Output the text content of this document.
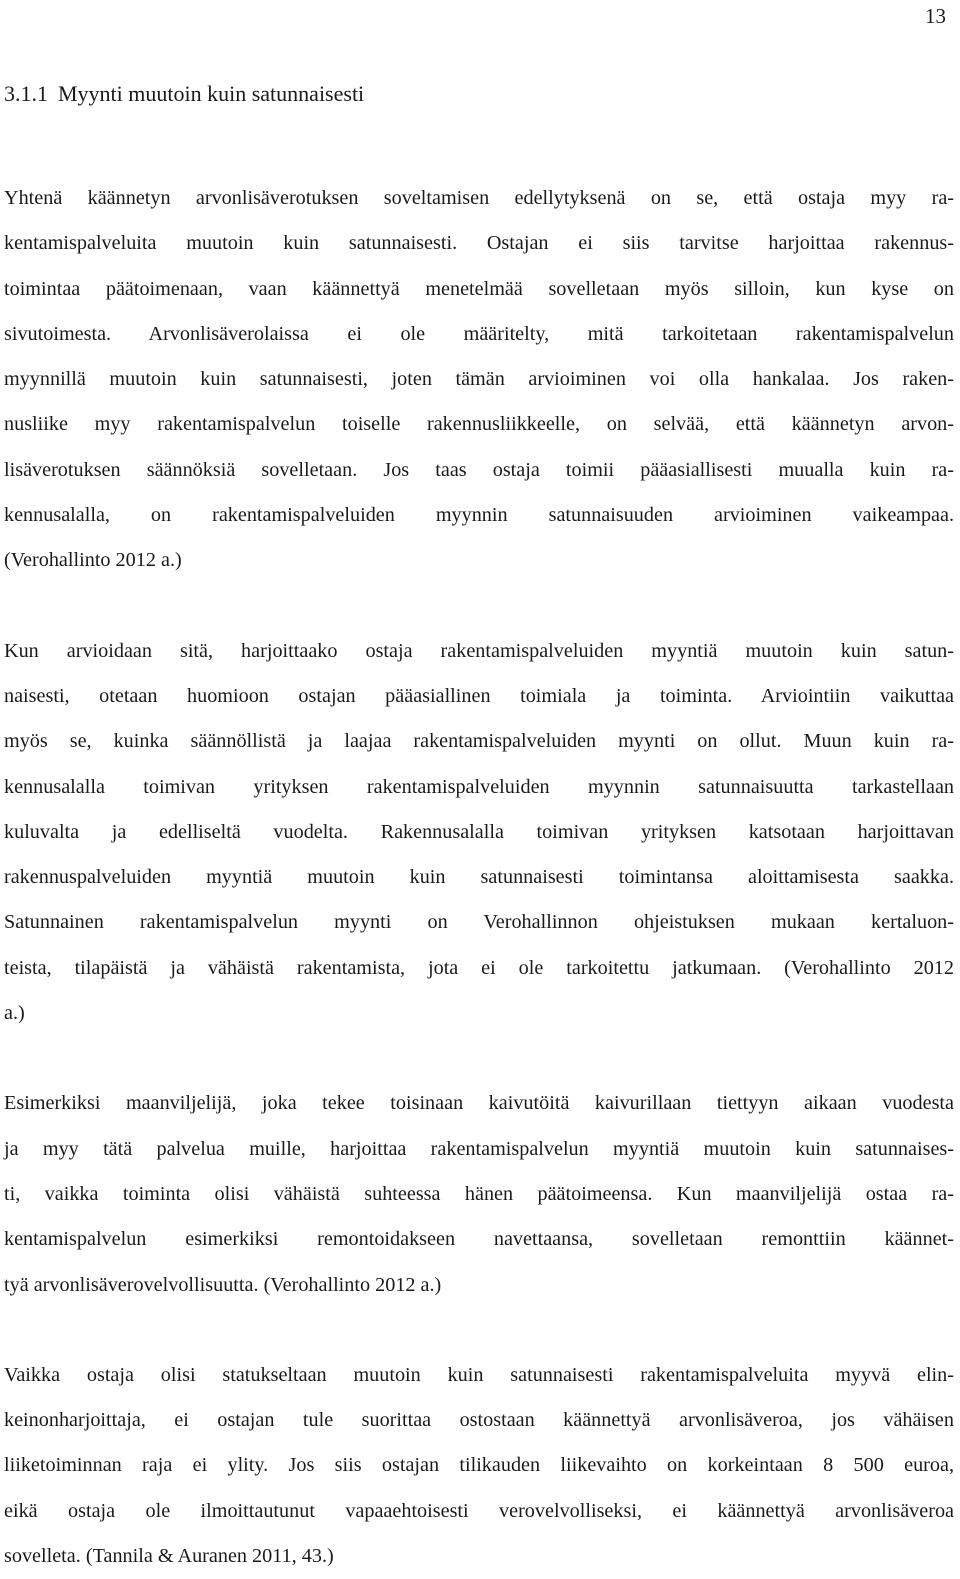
13
3.1.1 Myynti muutoin kuin satunnaisesti

Yhtenä käännetyn arvonlisäverotuksen soveltamisen edellytyksenä on se, että ostaja myy ra-
kentamispalveluita muutoin kuin satunnaisesti. Ostajan ei siis tarvitse harjoittaa rakennus-
toimintaa päätoimenaan, vaan käännettyä menetelmää sovelletaan myös silloin, kun kyse on
sivutoimesta. Arvonlisäverolaissa ei ole määritelty, mitä tarkoitetaan rakentamispalvelun
myynnillä muutoin kuin satunnaisesti, joten tämän arvioiminen voi olla hankalaa. Jos raken-
nusliike myy rakentamispalvelun toiselle rakennusliikkeelle, on selvää, että käännetyn arvon-
lisäverotuksen säännöksiä sovelletaan. Jos taas ostaja toimii pääasiallisesti muualla kuin ra-
kennusalalla, on rakentamispalveluiden myynnin satunnaisuuden arvioiminen vaikeampaa.
(Verohallinto 2012 a.)

Kun arvioidaan sitä, harjoittaako ostaja rakentamispalveluiden myyntiä muutoin kuin satun-
naisesti, otetaan huomioon ostajan pääasiallinen toimiala ja toiminta. Arviointiin vaikuttaa
myös se, kuinka säännöllistä ja laajaa rakentamispalveluiden myynti on ollut. Muun kuin ra-
kennusalalla toimivan yrityksen rakentamispalveluiden myynnin satunnaisuutta tarkastellaan
kuluvalta ja edelliseltä vuodelta. Rakennusalalla toimivan yrityksen katsotaan harjoittavan
rakennuspalveluiden myyntiä muutoin kuin satunnaisesti toimintansa aloittamisesta saakka.
Satunnainen rakentamispalvelun myynti on Verohallinnon ohjeistuksen mukaan kertaluon-
teista, tilapäistä ja vähäistä rakentamista, jota ei ole tarkoitettu jatkumaan. (Verohallinto 2012
a.)

Esimerkiksi maanviljelijä, joka tekee toisinaan kaivutöitä kaivurillaan tiettyyn aikaan vuodesta
ja myy tätä palvelua muille, harjoittaa rakentamispalvelun myyntiä muutoin kuin satunnaises-
ti, vaikka toiminta olisi vähäistä suhteessa hänen päätoimeensa. Kun maanviljelijä ostaa ra-
kentamispalvelun esimerkiksi remontoidakseen navettaansa, sovelletaan remonttiin käännet-
tyä arvonlisäverovelvollisuutta. (Verohallinto 2012 a.)

Vaikka ostaja olisi statukseltaan muutoin kuin satunnaisesti rakentamispalveluita myyvä elin-
keinonharjoittaja, ei ostajan tule suorittaa ostostaan käännettyä arvonlisäveroa, jos vähäisen
liiketoiminnan raja ei ylity. Jos siis ostajan tilikauden liikevaihto on korkeintaan 8 500 euroa,
eikä ostaja ole ilmoittautunut vapaaehtoisesti verovelvolliseksi, ei käännettyä arvonlisäveroa
sovelleta. (Tannila & Auranen 2011, 43.)
